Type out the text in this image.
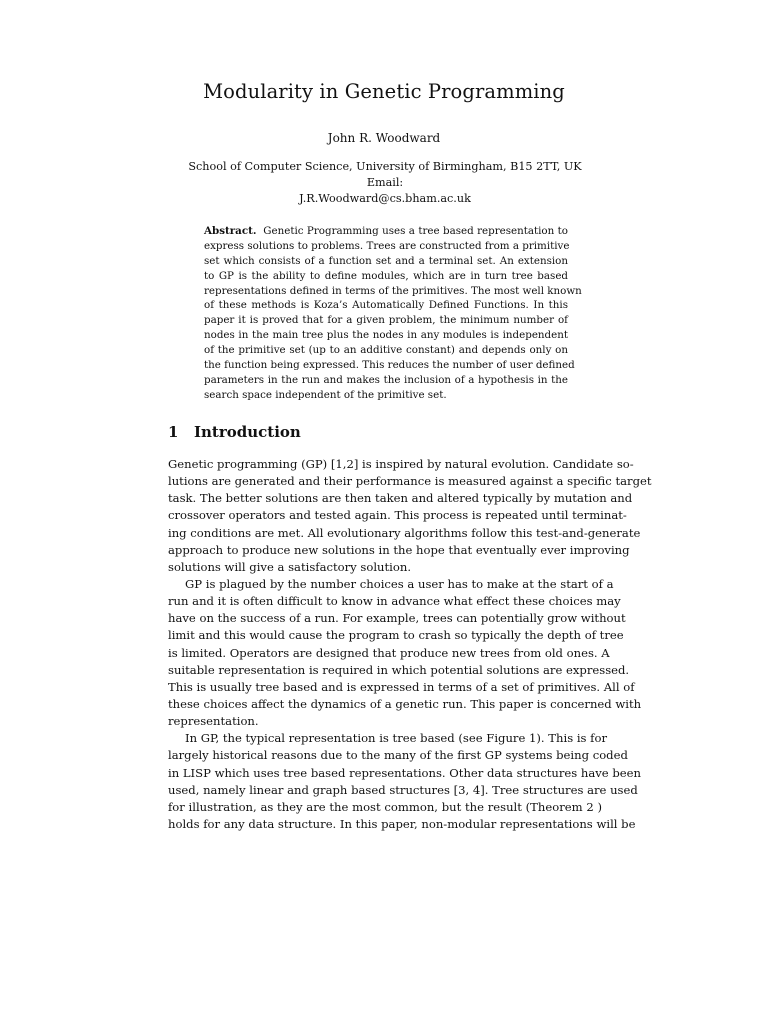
Modularity in Genetic Programming
John R. Woodward
School of Computer Science, University of Birmingham, B15 2TT, UK Email:
J.R.Woodward@cs.bham.ac.uk
Abstract. Genetic Programming uses a tree based representation to
express solutions to problems. Trees are constructed from a primitive
set which consists of a function set and a terminal set. An extension
to GP is the ability to define modules, which are in turn tree based
representations defined in terms of the primitives. The most well known
of these methods is Koza’s Automatically Defined Functions. In this
paper it is proved that for a given problem, the minimum number of
nodes in the main tree plus the nodes in any modules is independent
of the primitive set (up to an additive constant) and depends only on
the function being expressed. This reduces the number of user defined
parameters in the run and makes the inclusion of a hypothesis in the
search space independent of the primitive set.
1 Introduction
Genetic programming (GP) [1,2] is inspired by natural evolution. Candidate so-
lutions are generated and their performance is measured against a specific target
task. The better solutions are then taken and altered typically by mutation and
crossover operators and tested again. This process is repeated until terminat-
ing conditions are met. All evolutionary algorithms follow this test-and-generate
approach to produce new solutions in the hope that eventually ever improving
solutions will give a satisfactory solution.
GP is plagued by the number choices a user has to make at the start of a
run and it is often difficult to know in advance what effect these choices may
have on the success of a run. For example, trees can potentially grow without
limit and this would cause the program to crash so typically the depth of tree
is limited. Operators are designed that produce new trees from old ones. A
suitable representation is required in which potential solutions are expressed.
This is usually tree based and is expressed in terms of a set of primitives. All of
these choices affect the dynamics of a genetic run. This paper is concerned with
representation.
In GP, the typical representation is tree based (see Figure 1). This is for
largely historical reasons due to the many of the first GP systems being coded
in LISP which uses tree based representations. Other data structures have been
used, namely linear and graph based structures [3, 4]. Tree structures are used
for illustration, as they are the most common, but the result (Theorem 2 )
holds for any data structure. In this paper, non-modular representations will be
